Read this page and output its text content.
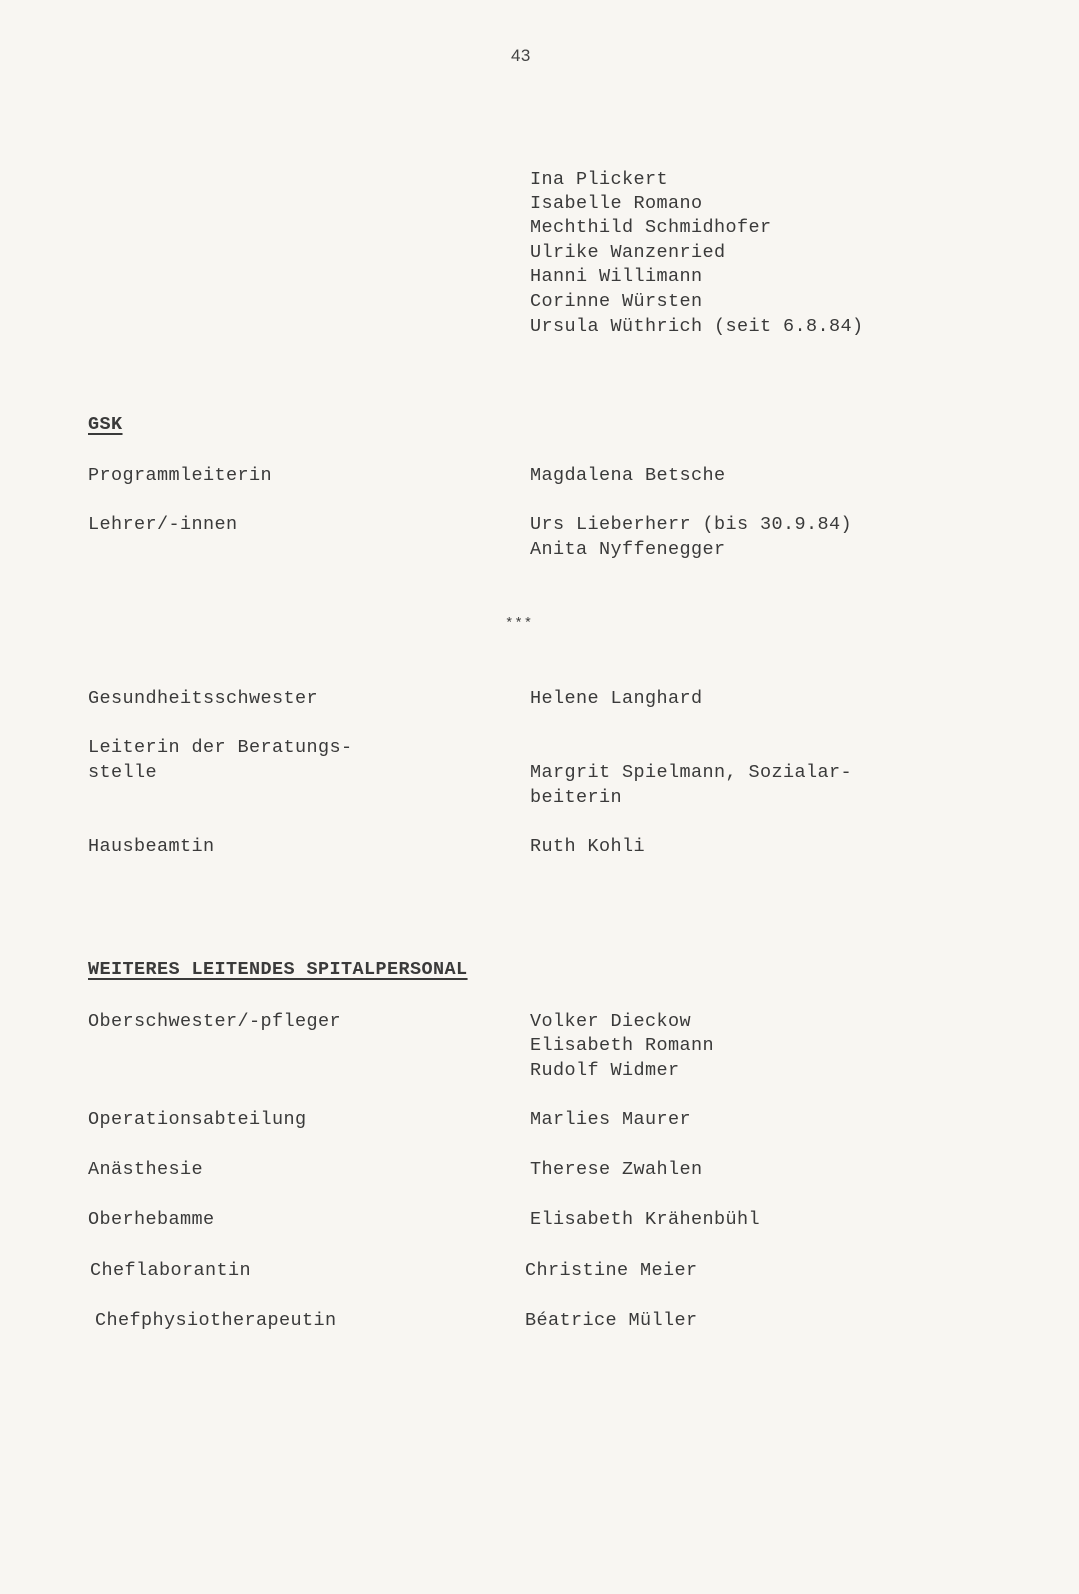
43
Ina Plickert
Isabelle Romano
Mechthild Schmidhofer
Ulrike Wanzenried
Hanni Willimann
Corinne Würsten
Ursula Wüthrich (seit 6.8.84)
GSK
Programmleiterin	Magdalena Betsche
Lehrer/-innen	Urs Lieberherr (bis 30.9.84)
Anita Nyffenegger
***
Gesundheitsschwester	Helene Langhard
Leiterin der Beratungs-
stelle	Margrit Spielmann, Sozialar-
beiterin
Hausbeamtin	Ruth Kohli
WEITERES LEITENDES SPITALPERSONAL
Oberschwester/-pfleger	Volker Dieckow
Elisabeth Romann
Rudolf Widmer
Operationsabteilung	Marlies Maurer
Anästhesie	Therese Zwahlen
Oberhebamme	Elisabeth Krähenbühl
Cheflaborantin	Christine Meier
Chefphysiotherapeutin	Béatrice Müller
